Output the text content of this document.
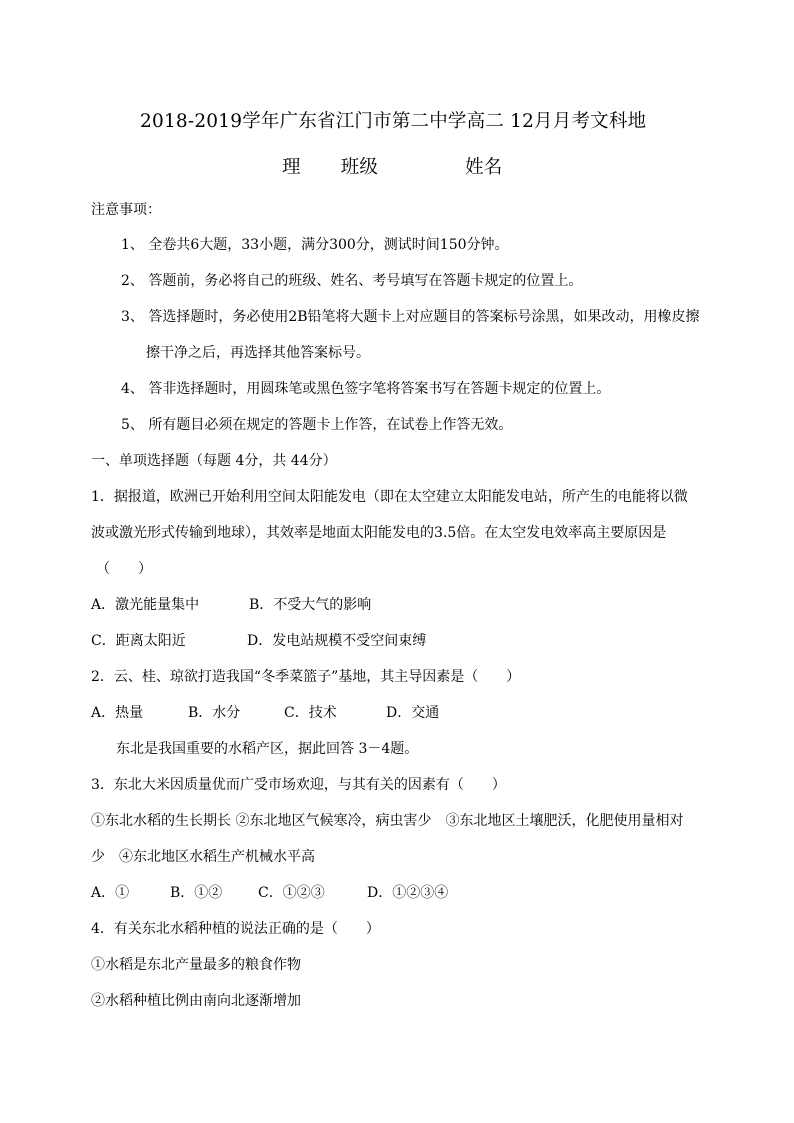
2018-2019学年广东省江门市第二中学高二 12月月考文科地
理 班级	姓名
注意事项：
1、 全卷共6大题，33小题，满分300分，测试时间150分钟。
2、 答题前，务必将自己的班级、姓名、考号填写在答题卡规定的位置上。
3、 答选择题时，务必使用2B铅笔将大题卡上对应题目的答案标号涂黑，如果改动，用橡皮擦
擦干净之后，再选择其他答案标号。
4、 答非选择题时，用圆珠笔或黑色签字笔将答案书写在答题卡规定的位置上。
5、 所有题目必须在规定的答题卡上作答，在试卷上作答无效。
一、单项选择题（每题 4分，共 44分）
1．据报道，欧洲已开始利用空间太阳能发电（即在太空建立太阳能发电站，所产生的电能将以微
波或激光形式传输到地球），其效率是地面太阳能发电的3.5倍。在太空发电效率高主要原因是
（　　）
A．激光能量集中	B．不受大气的影响
C．距离太阳近	D．发电站规模不受空间束缚
2．云、桂、琼欲打造我国“冬季菜篮子”基地，其主导因素是（　　）
A．热量	B．水分	C．技术	D．交通
东北是我国重要的水稻产区，据此回答 3－4题。
3．东北大米因质量优而广受市场欢迎，与其有关的因素有（　　）
①东北水稻的生长期长 ②东北地区气候寒冷，病虫害少　③东北地区土壤肥沃，化肥使用量相对
少　④东北地区水稻生产机械水平高
A．①	B．①②	C．①②③	D．①②③④
4．有关东北水稻种植的说法正确的是（　　）
①水稻是东北产量最多的粮食作物
②水稻种植比例由南向北逐渐增加
